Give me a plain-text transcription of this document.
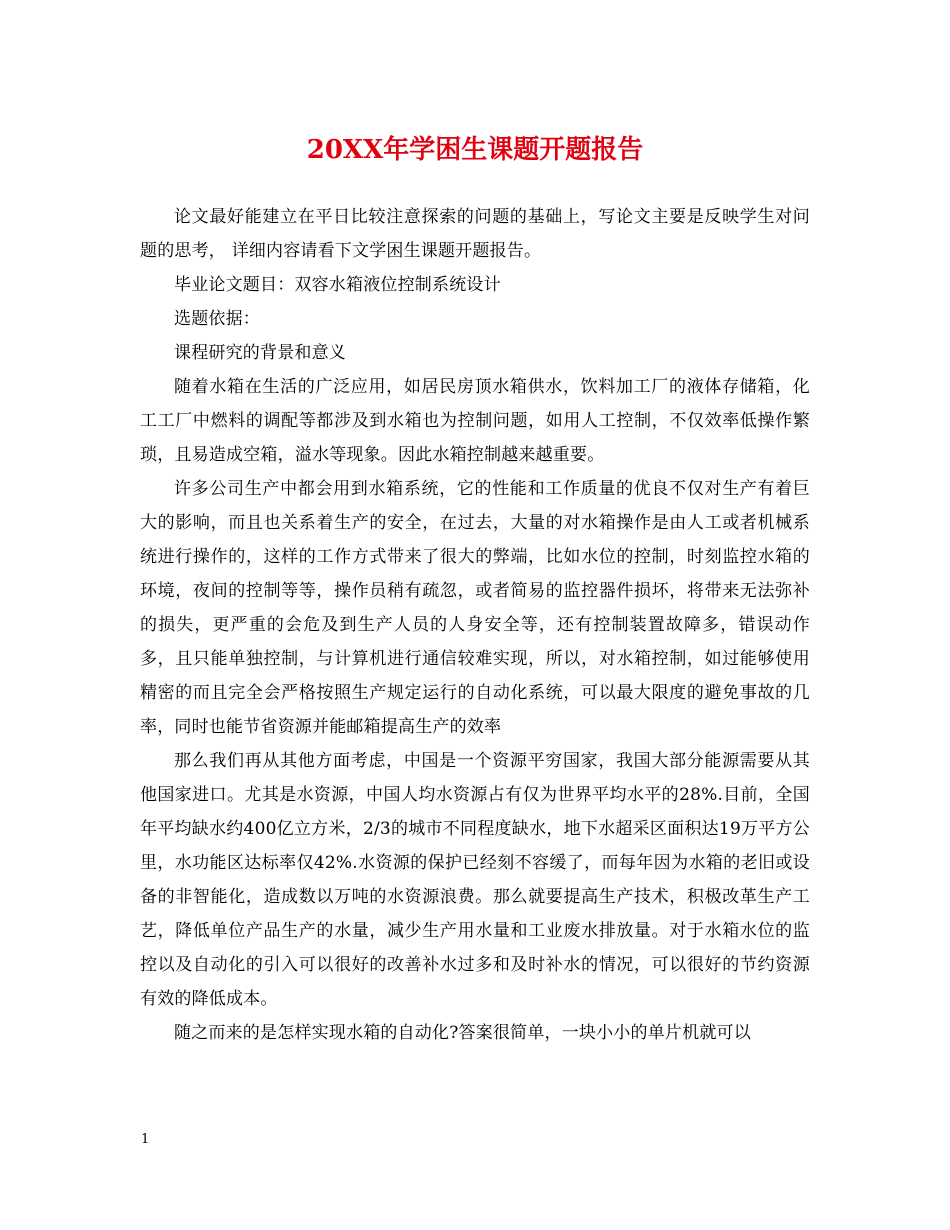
20XX年学困生课题开题报告

论文最好能建立在平日比较注意探索的问题的基础上，写论文主要是反映学生对问题的思考， 详细内容请看下文学困生课题开题报告。

毕业论文题目：双容水箱液位控制系统设计

选题依据：

课程研究的背景和意义

随着水箱在生活的广泛应用，如居民房顶水箱供水，饮料加工厂的液体存储箱，化工工厂中燃料的调配等都涉及到水箱也为控制问题，如用人工控制，不仅效率低操作繁琐，且易造成空箱，溢水等现象。因此水箱控制越来越重要。

许多公司生产中都会用到水箱系统，它的性能和工作质量的优良不仅对生产有着巨大的影响，而且也关系着生产的安全，在过去，大量的对水箱操作是由人工或者机械系统进行操作的，这样的工作方式带来了很大的弊端，比如水位的控制，时刻监控水箱的环境，夜间的控制等等，操作员稍有疏忽，或者简易的监控器件损坏，将带来无法弥补的损失，更严重的会危及到生产人员的人身安全等，还有控制装置故障多，错误动作多，且只能单独控制，与计算机进行通信较难实现，所以，对水箱控制，如过能够使用精密的而且完全会严格按照生产规定运行的自动化系统，可以最大限度的避免事故的几率，同时也能节省资源并能邮箱提高生产的效率

那么我们再从其他方面考虑，中国是一个资源平穷国家，我国大部分能源需要从其他国家进口。尤其是水资源，中国人均水资源占有仅为世界平均水平的28%.目前，全国年平均缺水约400亿立方米，2/3的城市不同程度缺水，地下水超采区面积达19万平方公里，水功能区达标率仅42%.水资源的保护已经刻不容缓了，而每年因为水箱的老旧或设备的非智能化，造成数以万吨的水资源浪费。那么就要提高生产技术，积极改革生产工艺，降低单位产品生产的水量，减少生产用水量和工业废水排放量。对于水箱水位的监控以及自动化的引入可以很好的改善补水过多和及时补水的情况，可以很好的节约资源有效的降低成本。

随之而来的是怎样实现水箱的自动化?答案很简单，一块小小的单片机就可以

1
